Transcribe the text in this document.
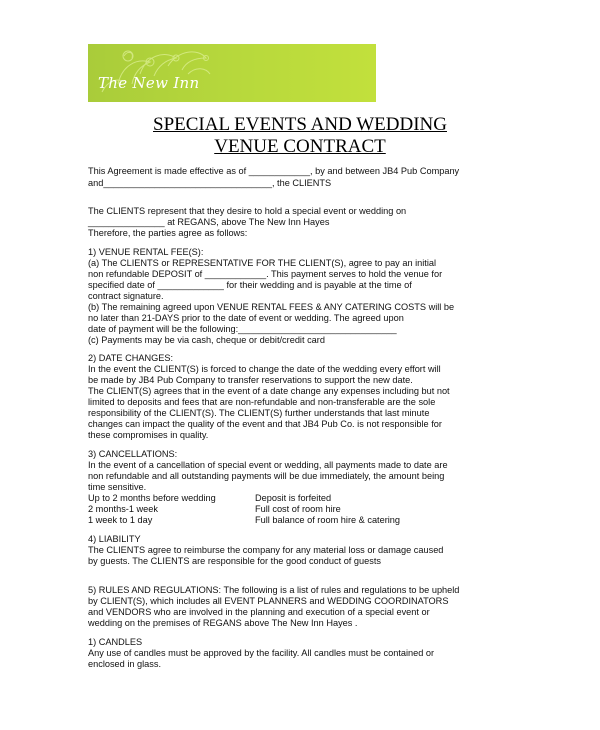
The New Inn
SPECIAL EVENTS AND WEDDING
VENUE CONTRACT
This Agreement is made effective as of ____________, by and between JB4 Pub Company
and_________________________________, the CLIENTS
The CLIENTS represent that they desire to hold a special event or wedding on
_______________ at REGANS, above The New Inn Hayes
Therefore, the parties agree as follows:
1) VENUE RENTAL FEE(S):
(a) The CLIENTS or REPRESENTATIVE FOR THE CLIENT(S), agree to pay an initial
non refundable DEPOSIT of ____________. This payment serves to hold the venue for
specified date of _____________ for their wedding and is payable at the time of
contract signature.
(b) The remaining agreed upon VENUE RENTAL FEES & ANY CATERING COSTS will be
no later than 21-DAYS prior to the date of event or wedding. The agreed upon
date of payment will be the following:_______________________________
(c) Payments may be via cash, cheque or debit/credit card
2) DATE CHANGES:
In the event the CLIENT(S) is forced to change the date of the wedding every effort will
be made by JB4 Pub Company to transfer reservations to support the new date.
The CLIENT(S) agrees that in the event of a date change any expenses including but not
limited to deposits and fees that are non-refundable and non-transferable are the sole
responsibility of the CLIENT(S). The CLIENT(S) further understands that last minute
changes can impact the quality of the event and that JB4 Pub Co. is not responsible for
these compromises in quality.
3) CANCELLATIONS:
In the event of a cancellation of special event or wedding, all payments made to date are
non refundable and all outstanding payments will be due immediately, the amount being
time sensitive.
Up to 2 months before wedding	Deposit is forfeited
2 months-1 week	Full cost of room hire
1 week to 1 day	Full balance of room hire & catering
4) LIABILITY
The CLIENTS agree to reimburse the company for any material loss or damage caused
by guests. The CLIENTS are responsible for the good conduct of guests
5) RULES AND REGULATIONS: The following is a list of rules and regulations to be upheld
by CLIENT(S), which includes all EVENT PLANNERS and WEDDING COORDINATORS
and VENDORS who are involved in the planning and execution of a special event or
wedding on the premises of REGANS above The New Inn Hayes .
1) CANDLES
Any use of candles must be approved by the facility. All candles must be contained or
enclosed in glass.
